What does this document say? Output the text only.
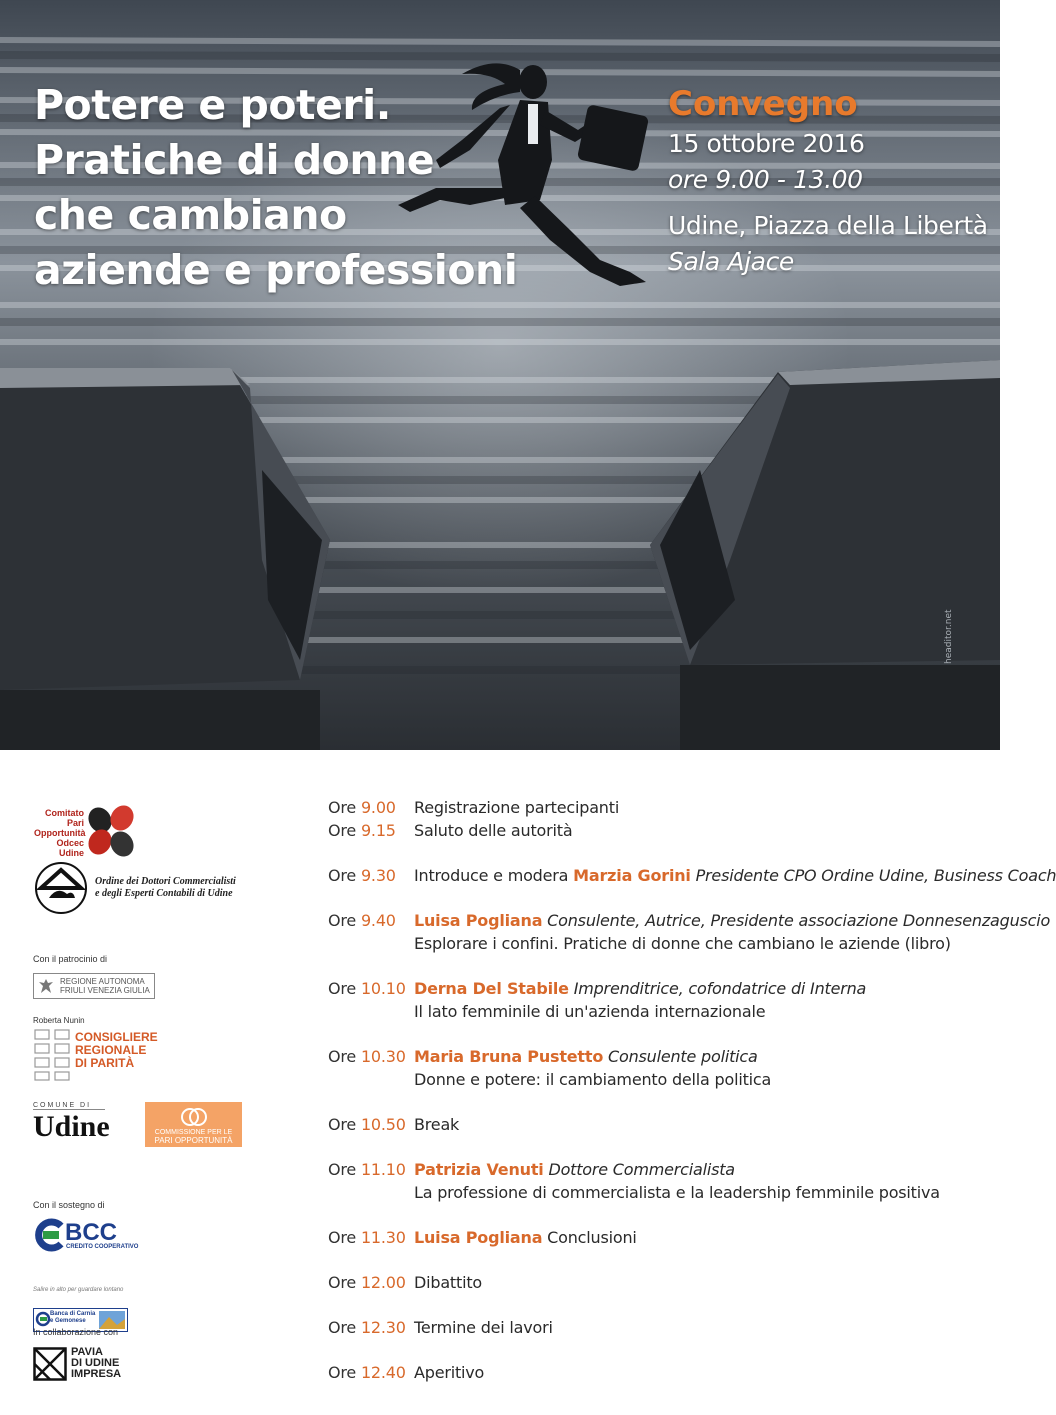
Potere e poteri.
Pratiche di donne
che cambiano
aziende e professioni
Convegno
15 ottobre 2016
ore 9.00 - 13.00
Udine, Piazza della Libertà
Sala Ajace
headitor.net
Comitato Pari
Opportunità
Odcec Udine
Ordine dei Dottori Commercialisti
e degli Esperti Contabili di Udine
Con il patrocinio di
REGIONE AUTONOMA
FRIULI VENEZIA GIULIA
Roberta Nunin
CONSIGLIERE
REGIONALE
DI PARITÀ
COMUNE DI
Udine	COMMISSIONE PER LE
PARI OPPORTUNITÀ
Con il sostegno di
BCC
CREDITO COOPERATIVO
Banca di Carnia
e Gemonese
Salire in alto per guardare lontano
In collaborazione con
PAVIA
DI UDINE
IMPRESA
Ore 9.00 Registrazione partecipanti
Ore 9.15 Saluto delle autorità
Ore 9.30 Introduce e modera Marzia Gorini Presidente CPO Ordine Udine, Business Coach
Ore 9.40 Luisa Pogliana Consulente, Autrice, Presidente associazione Donnesenzaguscio
Esplorare i confini. Pratiche di donne che cambiano le aziende (libro)
Ore 10.10 Derna Del Stabile Imprenditrice, cofondatrice di Interna
Il lato femminile di un'azienda internazionale
Ore 10.30 Maria Bruna Pustetto Consulente politica
Donne e potere: il cambiamento della politica
Ore 10.50 Break
Ore 11.10 Patrizia Venuti Dottore Commercialista
La professione di commercialista e la leadership femminile positiva
Ore 11.30 Luisa Pogliana Conclusioni
Ore 12.00 Dibattito
Ore 12.30 Termine dei lavori
Ore 12.40 Aperitivo
